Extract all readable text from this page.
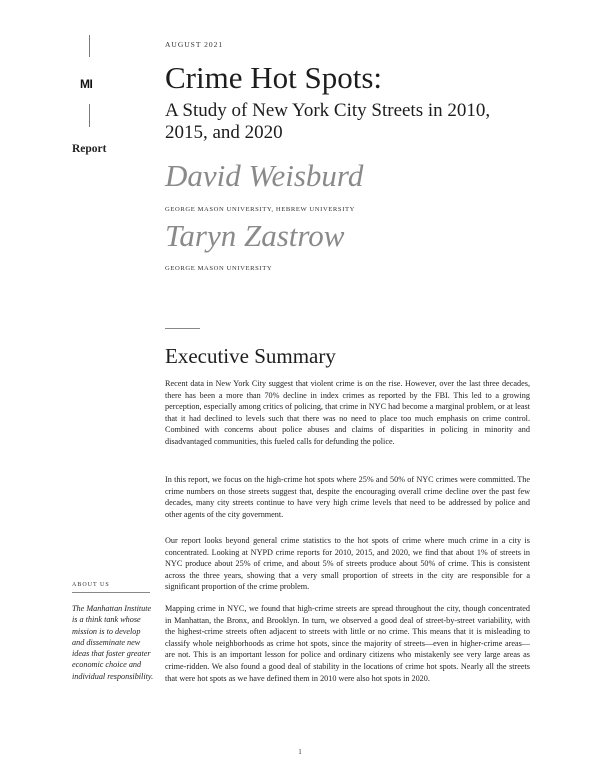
MI
Report
AUGUST 2021
Crime Hot Spots:
A Study of New York City Streets in 2010, 2015, and 2020
David Weisburd
GEORGE MASON UNIVERSITY, HEBREW UNIVERSITY
Taryn Zastrow
GEORGE MASON UNIVERSITY
Executive Summary

Recent data in New York City suggest that violent crime is on the rise. However, over the last three decades, there has been a more than 70% decline in index crimes as reported by the FBI. This led to a growing perception, especially among critics of policing, that crime in NYC had become a marginal problem, or at least that it had declined to levels such that there was no need to place too much emphasis on crime control. Combined with concerns about police abuses and claims of disparities in policing in minority and disadvantaged communities, this fueled calls for defunding the police.

In this report, we focus on the high-crime hot spots where 25% and 50% of NYC crimes were committed. The crime numbers on those streets suggest that, despite the encouraging overall crime decline over the past few decades, many city streets continue to have very high crime levels that need to be addressed by police and other agents of the city government.

Our report looks beyond general crime statistics to the hot spots of crime where much crime in a city is concentrated. Looking at NYPD crime reports for 2010, 2015, and 2020, we find that about 1% of streets in NYC produce about 25% of crime, and about 5% of streets produce about 50% of crime. This is consistent across the three years, showing that a very small proportion of streets in the city are responsible for a significant proportion of the crime problem.

Mapping crime in NYC, we found that high-crime streets are spread throughout the city, though concentrated in Manhattan, the Bronx, and Brooklyn. In turn, we observed a good deal of street-by-street variability, with the highest-crime streets often adjacent to streets with little or no crime. This means that it is misleading to classify whole neighborhoods as crime hot spots, since the majority of streets—even in higher-crime areas—are not. This is an important lesson for police and ordinary citizens who mistakenly see very large areas as crime-ridden. We also found a good deal of stability in the locations of crime hot spots. Nearly all the streets that were hot spots as we have defined them in 2010 were also hot spots in 2020.

ABOUT US

The Manhattan Institute is a think tank whose mission is to develop and disseminate new ideas that foster greater economic choice and individual responsibility.

1
